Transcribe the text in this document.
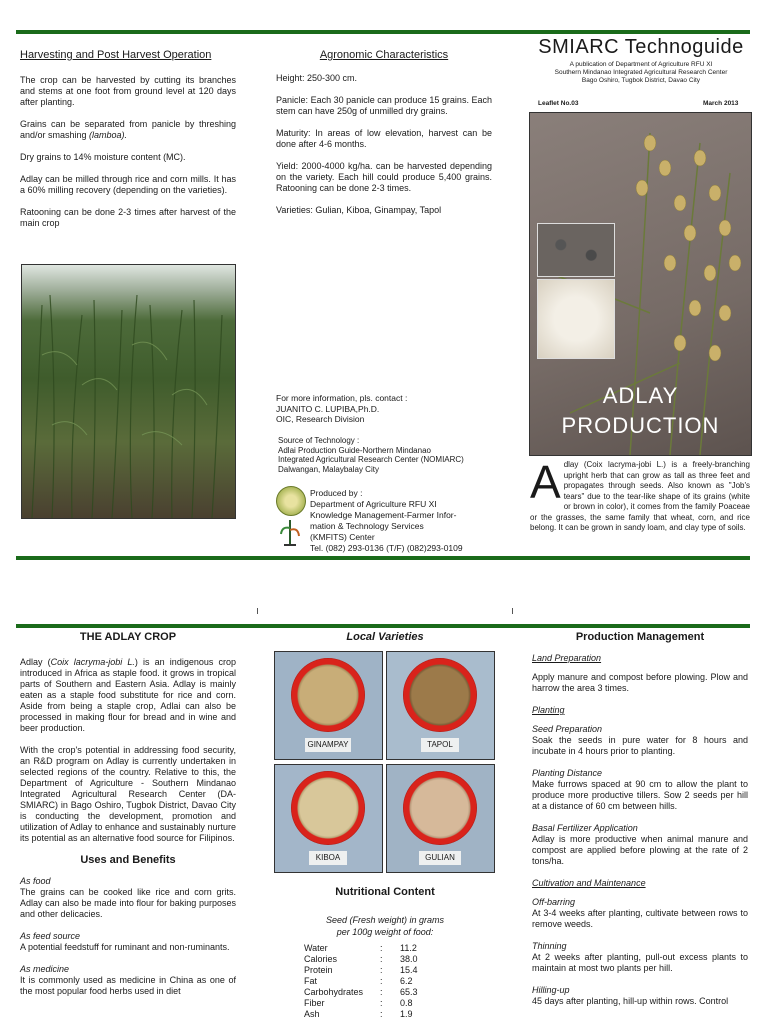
Harvesting and Post Harvest Operation

The crop can be harvested by cutting its branches and stems at one foot from ground level at 120 days after planting.

Grains can be separated from panicle by threshing and/or smashing (lamboa).

Dry grains to 14% moisture content (MC).

Adlay can be milled through rice and corn mills. It has a 60% milling recovery (depending on the varieties).

Ratooning can be done 2-3 times after harvest of the main crop

Agronomic Characteristics

Height: 250-300 cm.

Panicle: Each 30 panicle can produce 15 grains. Each stem can have 250g of unmilled dry grains.

Maturity: In areas of low elevation, harvest can be done after 4-6 months.

Yield: 2000-4000 kg/ha. can be harvested depending on the variety. Each hill could produce 5,400 grains. Ratooning can be done 2-3 times.

Varieties: Gulian, Kiboa, Ginampay, Tapol

For more information, pls. contact :
JUANITO C. LUPIBA,Ph.D.
OIC, Research Division
Source of Technology :
Adlai Production Guide-Northern Mindanao
Integrated Agricultural Research Center (NOMIARC)
Dalwangan, Malaybalay City
Produced by :
Department of Agriculture RFU XI
Knowledge Management-Farmer Infor-
mation & Technology Services
(KMFITS) Center
Tel. (082) 293-0136 (T/F) (082)293-0109
SMIARC Technoguide
A publication of Department of Agriculture RFU XI
Southern Mindanao Integrated Agricultural Research Center
Bago Oshiro, Tugbok District, Davao City
Leaflet No.03	March 2013
ADLAY
PRODUCTION
A dlay (Coix lacryma-jobi L.) is a freely-branching upright herb that can grow as tall as three feet and propagates through seeds. Also known as "Job's tears" due to the tear-like shape of its grains (white or brown in color), it comes from the family Poaceae or the grasses, the same family that wheat, corn, and rice belong. It can be grown in sandy loam, and clay type of soils.
THE ADLAY CROP

Adlay (Coix lacryma-jobi L.) is an indigenous crop introduced in Africa as staple food. it grows in tropical parts of Southern and Eastern Asia. Adlay is mainly eaten as a staple food substitute for rice and corn. Aside from being a staple crop, Adlai can also be processed in making flour for bread and in wine and beer production.

With the crop's potential in addressing food security, an R&D program on Adlay is currently undertaken in selected regions of the country. Relative to this, the Department of Agriculture - Southern Mindanao Integrated Agricultural Research Center (DA-SMIARC) in Bago Oshiro, Tugbok District, Davao City is conducting the development, promotion and utilization of Adlay to enhance and sustainably nurture its potential as an alternative food source for Filipinos.

Uses and Benefits
As food

The grains can be cooked like rice and corn grits. Adlay can also be made into flour for baking purposes and other delicacies.

As feed source

A potential feedstuff for ruminant and non-ruminants.

As medicine

It is commonly used as medicine in China as one of the most popular food herbs used in diet

Local Varieties
GINAMPAY	TAPOL
KIBOA	GULIAN
Nutritional Content
Seed (Fresh weight) in grams
per 100g weight of food:
Water	:	11.2
Calories	:	38.0
Protein	:	15.4
Fat	:	6.2
Carbohydrates	:	65.3
Fiber	:	0.8
Ash	:	1.9
Production Management
Land Preparation

Apply manure and compost before plowing. Plow and harrow the area 3 times.

Planting
Seed Preparation

Soak the seeds in pure water for 8 hours and incubate in 4 hours prior to planting.

Planting Distance

Make furrows spaced at 90 cm to allow the plant to produce more productive tillers. Sow 2 seeds per hill at a distance of 60 cm between hills.

Basal Fertilizer Application

Adlay is more productive when animal manure and compost are applied before plowing at the rate of 2 tons/ha.

Cultivation and Maintenance
Off-barring

At 3-4 weeks after planting, cultivate between rows to remove weeds.

Thinning

At 2 weeks after planting, pull-out excess plants to maintain at most two plants per hill.

Hilling-up

45 days after planting, hill-up within rows. Control
